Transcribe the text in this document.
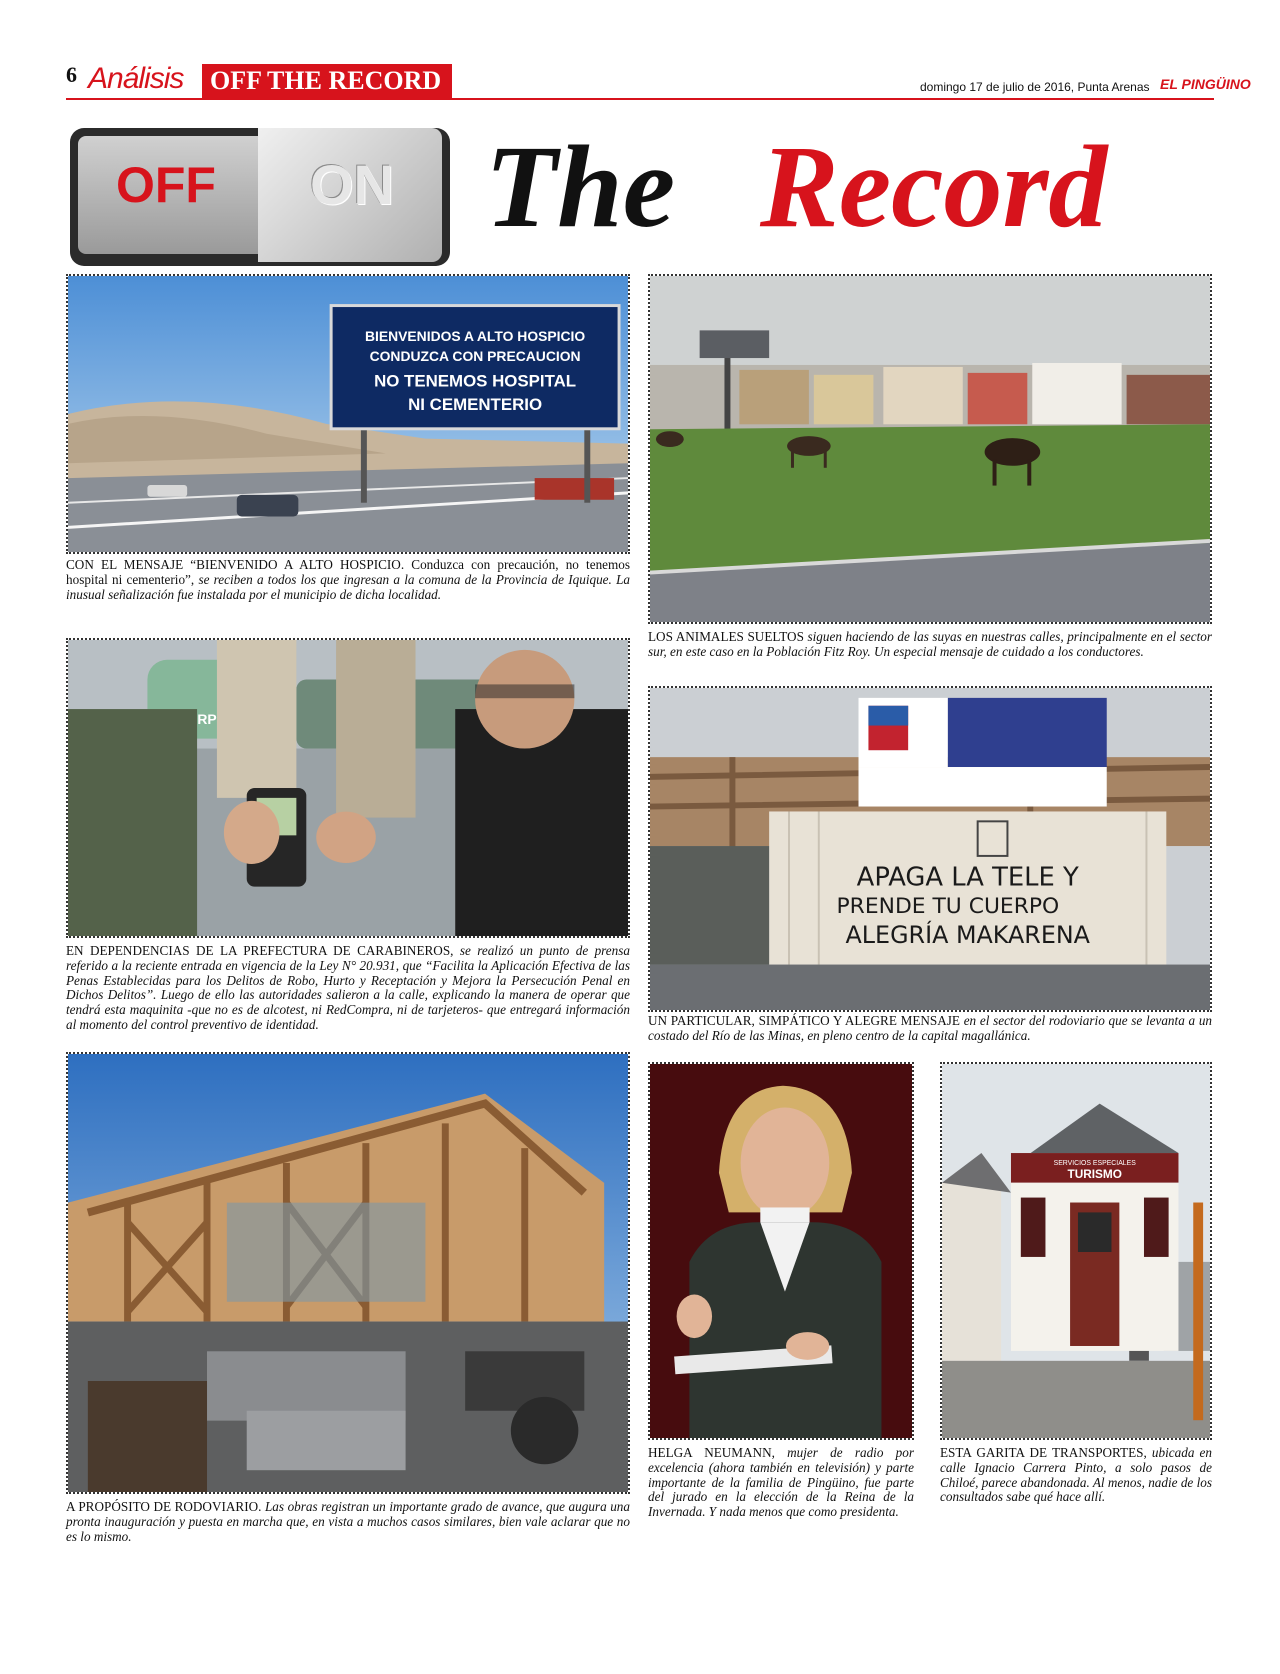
6 Análisis	OFF THE RECORD	domingo 17 de julio de 2016, Punta Arenas EL PINGÜINO
OFF ON The Record
BIENVENIDOS A ALTO HOSPICIO
CONDUZCA CON PRECAUCION
NO TENEMOS HOSPITAL
NI CEMENTERIO
CON EL MENSAJE “BIENVENIDO A ALTO HOSPICIO. Conduzca con precaución, no tenemos hospital ni cementerio”, se reciben a todos los que ingresan a la comuna de la Provincia de Iquique. La inusual señalización fue instalada por el municipio de dicha localidad.
LOS ANIMALES SUELTOS siguen haciendo de las suyas en nuestras calles, principalmente en el sector sur, en este caso en la Población Fitz Roy. Un especial mensaje de cuidado a los conductores.
RP
EN DEPENDENCIAS DE LA PREFECTURA DE CARABINEROS, se realizó un punto de prensa referido a la reciente entrada en vigencia de la Ley N° 20.931, que “Facilita la Aplicación Efectiva de las Penas Establecidas para los Delitos de Robo, Hurto y Receptación y Mejora la Persecución Penal en Dichos Delitos”. Luego de ello las autoridades salieron a la calle, explicando la manera de operar que tendrá esta maquinita -que no es de alcotest, ni RedCompra, ni de tarjeteros- que entregará información al momento del control preventivo de identidad.
APAGA LA TELE Y
PRENDE TU CUERPO
ALEGRÍA MAKARENA
UN PARTICULAR, SIMPÁTICO Y ALEGRE MENSAJE en el sector del rodoviario que se levanta a un costado del Río de las Minas, en pleno centro de la capital magallánica.
A PROPÓSITO DE RODOVIARIO. Las obras registran un importante grado de avance, que augura una pronta inauguración y puesta en marcha que, en vista a muchos casos similares, bien vale aclarar que no es lo mismo.
HELGA NEUMANN, mujer de radio por excelencia (ahora también en televisión) y parte importante de la familia de Pingüino, fue parte del jurado en la elección de la Reina de la Invernada. Y nada menos que como presidenta.
SERVICIOS ESPECIALES
TURISMO
ESTA GARITA DE TRANSPORTES, ubicada en calle Ignacio Carrera Pinto, a solo pasos de Chiloé, parece abandonada. Al menos, nadie de los consultados sabe qué hace allí.
